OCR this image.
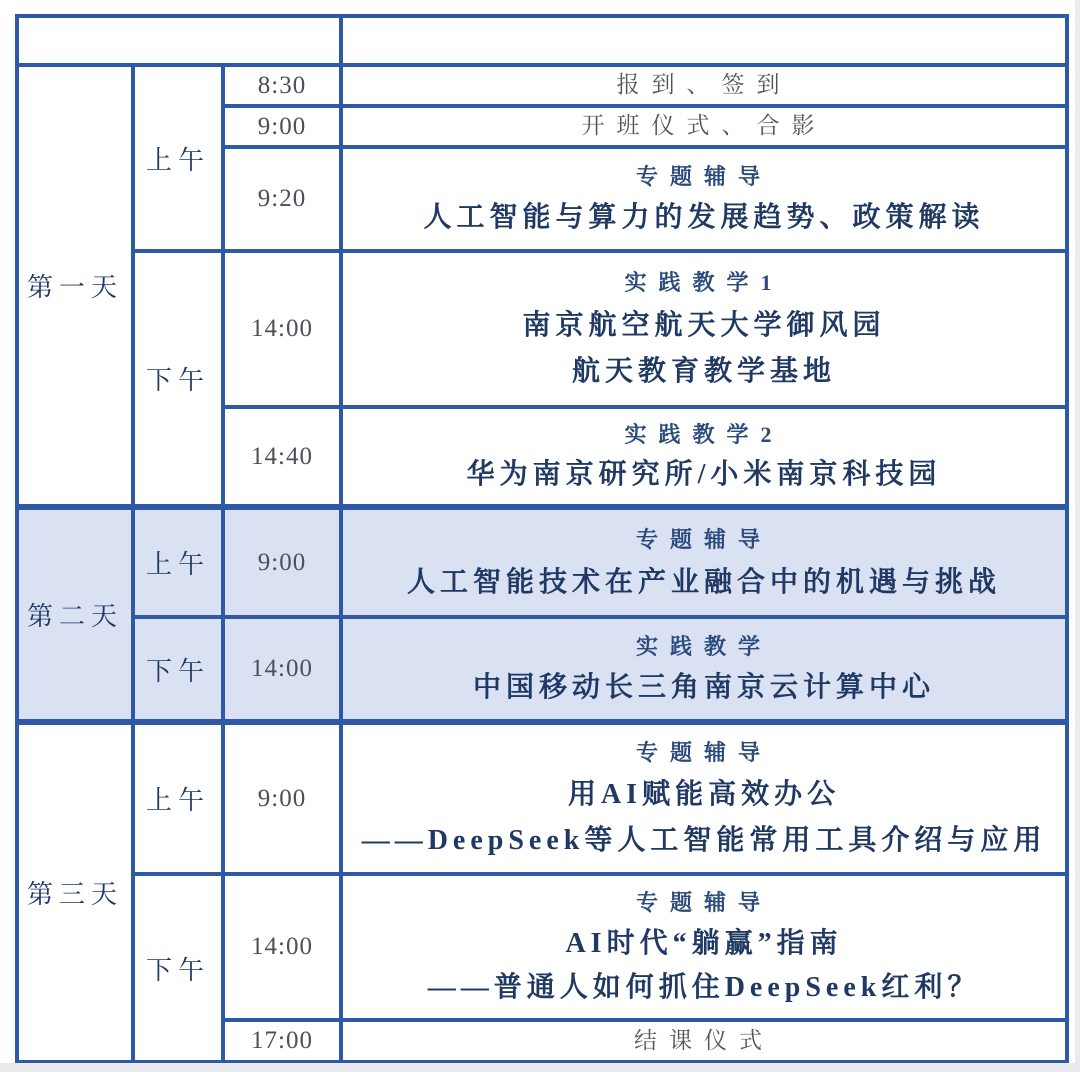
时间			内容
第一天	上午	8:30	报到、签到

		9:00	开班仪式、合影

		9:20	专题辅导
人工智能与算力的发展趋势、政策解读

	下午	14:00	实践教学1
南京航空航天大学御风园
航天教育教学基地

		14:40	实践教学2
华为南京研究所/小米南京科技园

第二天	上午	9:00	专题辅导
人工智能技术在产业融合中的机遇与挑战

	下午	14:00	实践教学
中国移动长三角南京云计算中心

第三天	上午	9:00	专题辅导
用AI赋能高效办公
——DeepSeek等人工智能常用工具介绍与应用

	下午	14:00	专题辅导
AI时代“躺赢”指南
——普通人如何抓住DeepSeek红利？

		17:00	结课仪式
